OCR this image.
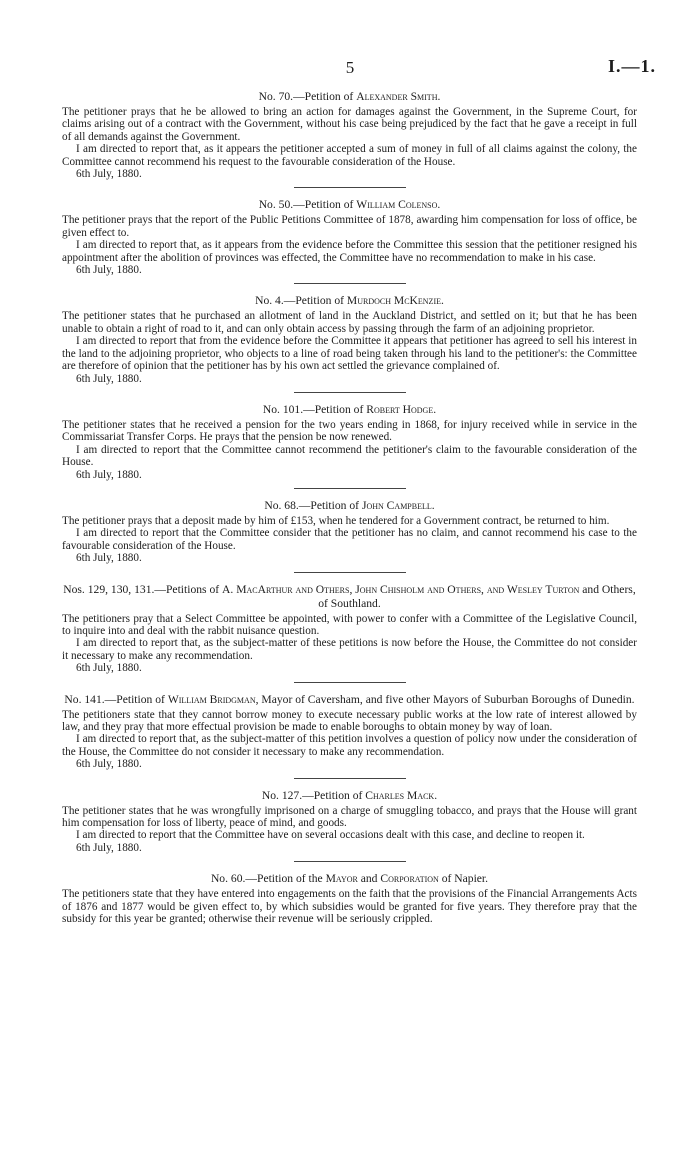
5	I.—1.
No. 70.—Petition of Alexander Smith.

The petitioner prays that he be allowed to bring an action for damages against the Government, in the Supreme Court, for claims arising out of a contract with the Government, without his case being prejudiced by the fact that he gave a receipt in full of all demands against the Government.

I am directed to report that, as it appears the petitioner accepted a sum of money in full of all claims against the colony, the Committee cannot recommend his request to the favourable consideration of the House.

6th July, 1880.

No. 50.—Petition of William Colenso.

The petitioner prays that the report of the Public Petitions Committee of 1878, awarding him compensation for loss of office, be given effect to.

I am directed to report that, as it appears from the evidence before the Committee this session that the petitioner resigned his appointment after the abolition of provinces was effected, the Committee have no recommendation to make in his case.

6th July, 1880.

No. 4.—Petition of Murdoch McKenzie.

The petitioner states that he purchased an allotment of land in the Auckland District, and settled on it; but that he has been unable to obtain a right of road to it, and can only obtain access by passing through the farm of an adjoining proprietor.

I am directed to report that from the evidence before the Committee it appears that petitioner has agreed to sell his interest in the land to the adjoining proprietor, who objects to a line of road being taken through his land to the petitioner's: the Committee are therefore of opinion that the petitioner has by his own act settled the grievance complained of.

6th July, 1880.

No. 101.—Petition of Robert Hodge.

The petitioner states that he received a pension for the two years ending in 1868, for injury received while in service in the Commissariat Transfer Corps. He prays that the pension be now renewed.

I am directed to report that the Committee cannot recommend the petitioner's claim to the favourable consideration of the House.

6th July, 1880.

No. 68.—Petition of John Campbell.

The petitioner prays that a deposit made by him of £153, when he tendered for a Government contract, be returned to him.

I am directed to report that the Committee consider that the petitioner has no claim, and cannot recommend his case to the favourable consideration of the House.

6th July, 1880.

Nos. 129, 130, 131.—Petitions of A. MacArthur and Others, John Chisholm and Others, and Wesley Turton and Others, of Southland.

The petitioners pray that a Select Committee be appointed, with power to confer with a Committee of the Legislative Council, to inquire into and deal with the rabbit nuisance question.

I am directed to report that, as the subject-matter of these petitions is now before the House, the Committee do not consider it necessary to make any recommendation.

6th July, 1880.

No. 141.—Petition of William Bridgman, Mayor of Caversham, and five other Mayors of Suburban Boroughs of Dunedin.

The petitioners state that they cannot borrow money to execute necessary public works at the low rate of interest allowed by law, and they pray that more effectual provision be made to enable boroughs to obtain money by way of loan.

I am directed to report that, as the subject-matter of this petition involves a question of policy now under the consideration of the House, the Committee do not consider it necessary to make any recommendation.

6th July, 1880.

No. 127.—Petition of Charles Mack.

The petitioner states that he was wrongfully imprisoned on a charge of smuggling tobacco, and prays that the House will grant him compensation for loss of liberty, peace of mind, and goods.

I am directed to report that the Committee have on several occasions dealt with this case, and decline to reopen it.

6th July, 1880.

No. 60.—Petition of the Mayor and Corporation of Napier.

The petitioners state that they have entered into engagements on the faith that the provisions of the Financial Arrangements Acts of 1876 and 1877 would be given effect to, by which subsidies would be granted for five years. They therefore pray that the subsidy for this year be granted; otherwise their revenue will be seriously crippled.
